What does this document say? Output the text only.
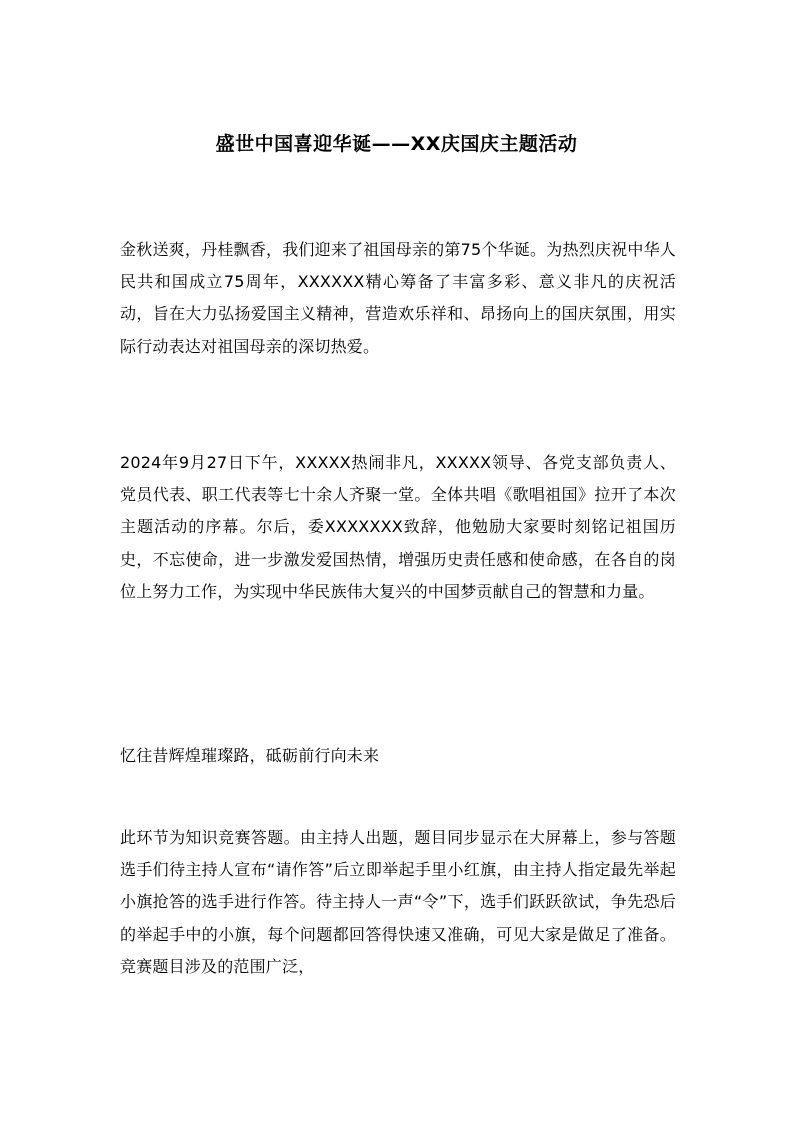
盛世中国喜迎华诞——XX庆国庆主题活动
金秋送爽，丹桂飘香，我们迎来了祖国母亲的第75个华诞。为热烈庆祝中华人民共和国成立75周年，XXXXXX精心筹备了丰富多彩、意义非凡的庆祝活动，旨在大力弘扬爱国主义精神，营造欢乐祥和、昂扬向上的国庆氛围，用实际行动表达对祖国母亲的深切热爱。
2024年9月27日下午，XXXXX热闹非凡，XXXXX领导、各党支部负责人、党员代表、职工代表等七十余人齐聚一堂。全体共唱《歌唱祖国》拉开了本次主题活动的序幕。尔后，委XXXXXXX致辞，他勉励大家要时刻铭记祖国历史，不忘使命，进一步激发爱国热情，增强历史责任感和使命感，在各自的岗位上努力工作，为实现中华民族伟大复兴的中国梦贡献自己的智慧和力量。
忆往昔辉煌璀璨路，砥砺前行向未来
此环节为知识竞赛答题。由主持人出题，题目同步显示在大屏幕上，参与答题选手们待主持人宣布“请作答”后立即举起手里小红旗，由主持人指定最先举起小旗抢答的选手进行作答。待主持人一声“令”下，选手们跃跃欲试，争先恐后的举起手中的小旗，每个问题都回答得快速又准确，可见大家是做足了准备。竞赛题目涉及的范围广泛，
